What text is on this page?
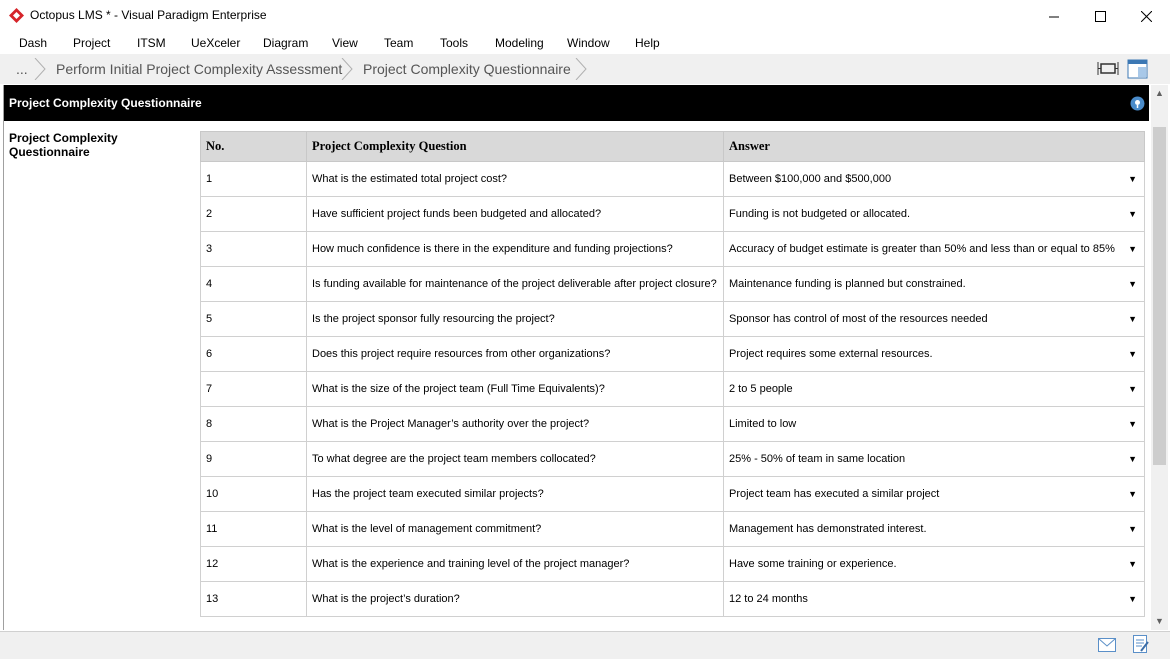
Octopus LMS * - Visual Paradigm Enterprise
Dash Project ITSM UeXceler Diagram View Team Tools Modeling Window Help
... Perform Initial Project Complexity Assessment Project Complexity Questionnaire
Project Complexity Questionnaire
Project Complexity Questionnaire	No.	Project Complexity Question	Answer
1	What is the estimated total project cost?	Between $100,000 and $500,000 ▼

2	Have sufficient project funds been budgeted and allocated?	Funding is not budgeted or allocated. ▼

3	How much confidence is there in the expenditure and funding projections?	Accuracy of budget estimate is greater than 50% and less than or equal to 85% ▼

4	Is funding available for maintenance of the project deliverable after project closure?	Maintenance funding is planned but constrained. ▼

5	Is the project sponsor fully resourcing the project?	Sponsor has control of most of the resources needed ▼

6	Does this project require resources from other organizations?	Project requires some external resources. ▼

7	What is the size of the project team (Full Time Equivalents)?	2 to 5 people ▼

8	What is the Project Manager’s authority over the project?	Limited to low ▼

9	To what degree are the project team members collocated?	25% - 50% of team in same location ▼

10	Has the project team executed similar projects?	Project team has executed a similar project ▼

11	What is the level of management commitment?	Management has demonstrated interest. ▼

12	What is the experience and training level of the project manager?	Have some training or experience. ▼

13	What is the project’s duration?	12 to 24 months ▼
▲
▼
